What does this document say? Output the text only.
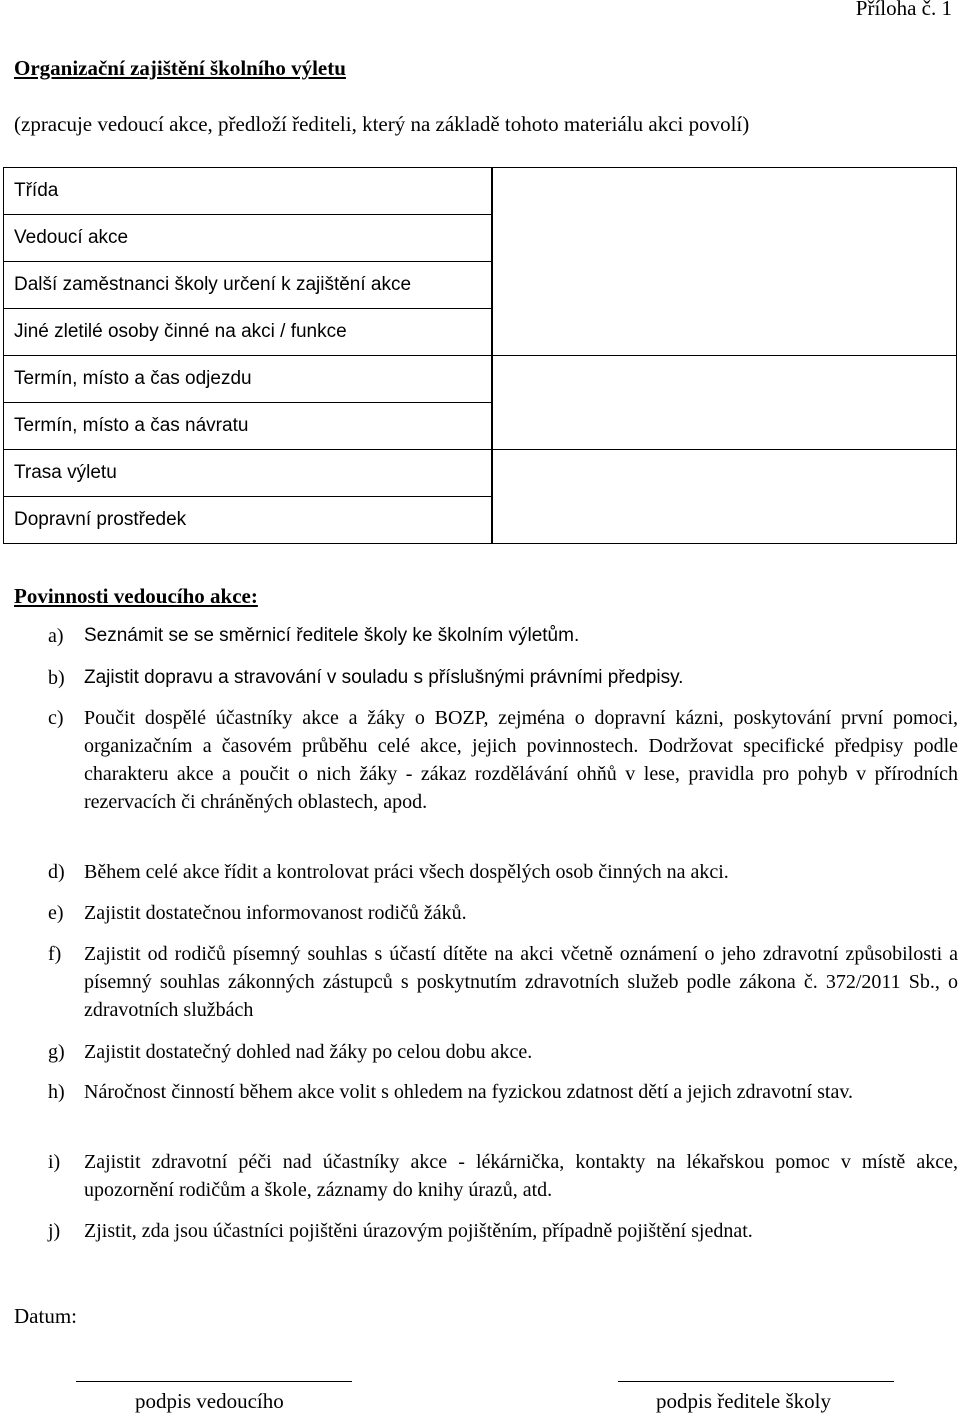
Příloha č. 1
Organizační zajištění školního výletu
(zpracuje vedoucí akce, předloží řediteli, který na základě tohoto materiálu akci povolí)
Třída	
Vedoucí akce	
Další zaměstnanci školy určení k zajištění akce	
Jiné zletilé osoby činné na akci / funkce	
Termín, místo a čas odjezdu	
Termín, místo a čas návratu	
Trasa výletu	
Dopravní prostředek	
Povinnosti vedoucího akce:
a)	Seznámit se se směrnicí ředitele školy ke školním výletům.
b)	Zajistit dopravu a stravování v souladu s příslušnými právními předpisy.
c)	Poučit dospělé účastníky akce a žáky o BOZP, zejména o dopravní kázni, poskytování první pomoci, organizačním a časovém průběhu celé akce, jejich povinnostech. Dodržovat specifické předpisy podle charakteru akce a poučit o nich žáky - zákaz rozdělávání ohňů v lese, pravidla pro pohyb v přírodních rezervacích či chráněných oblastech, apod.
d) Během celé akce řídit a kontrolovat práci všech dospělých osob činných na akci.
e)	Zajistit dostatečnou informovanost rodičů žáků.
f)	Zajistit od rodičů písemný souhlas s účastí dítěte na akci včetně oznámení o jeho zdravotní způsobilosti a písemný souhlas zákonných zástupců s poskytnutím zdravotních služeb podle zákona č. 372/2011 Sb., o zdravotních službách
g) Zajistit dostatečný dohled nad žáky po celou dobu akce.
h) Náročnost činností během akce volit s ohledem na fyzickou zdatnost dětí a jejich zdravotní stav.
i)	Zajistit zdravotní péči nad účastníky akce - lékárnička, kontakty na lékařskou pomoc v místě akce, upozornění rodičům a škole, záznamy do knihy úrazů, atd.
j)	Zjistit, zda jsou účastníci pojištěni úrazovým pojištěním, případně pojištění sjednat.
Datum:
podpis vedoucího	podpis ředitele školy
